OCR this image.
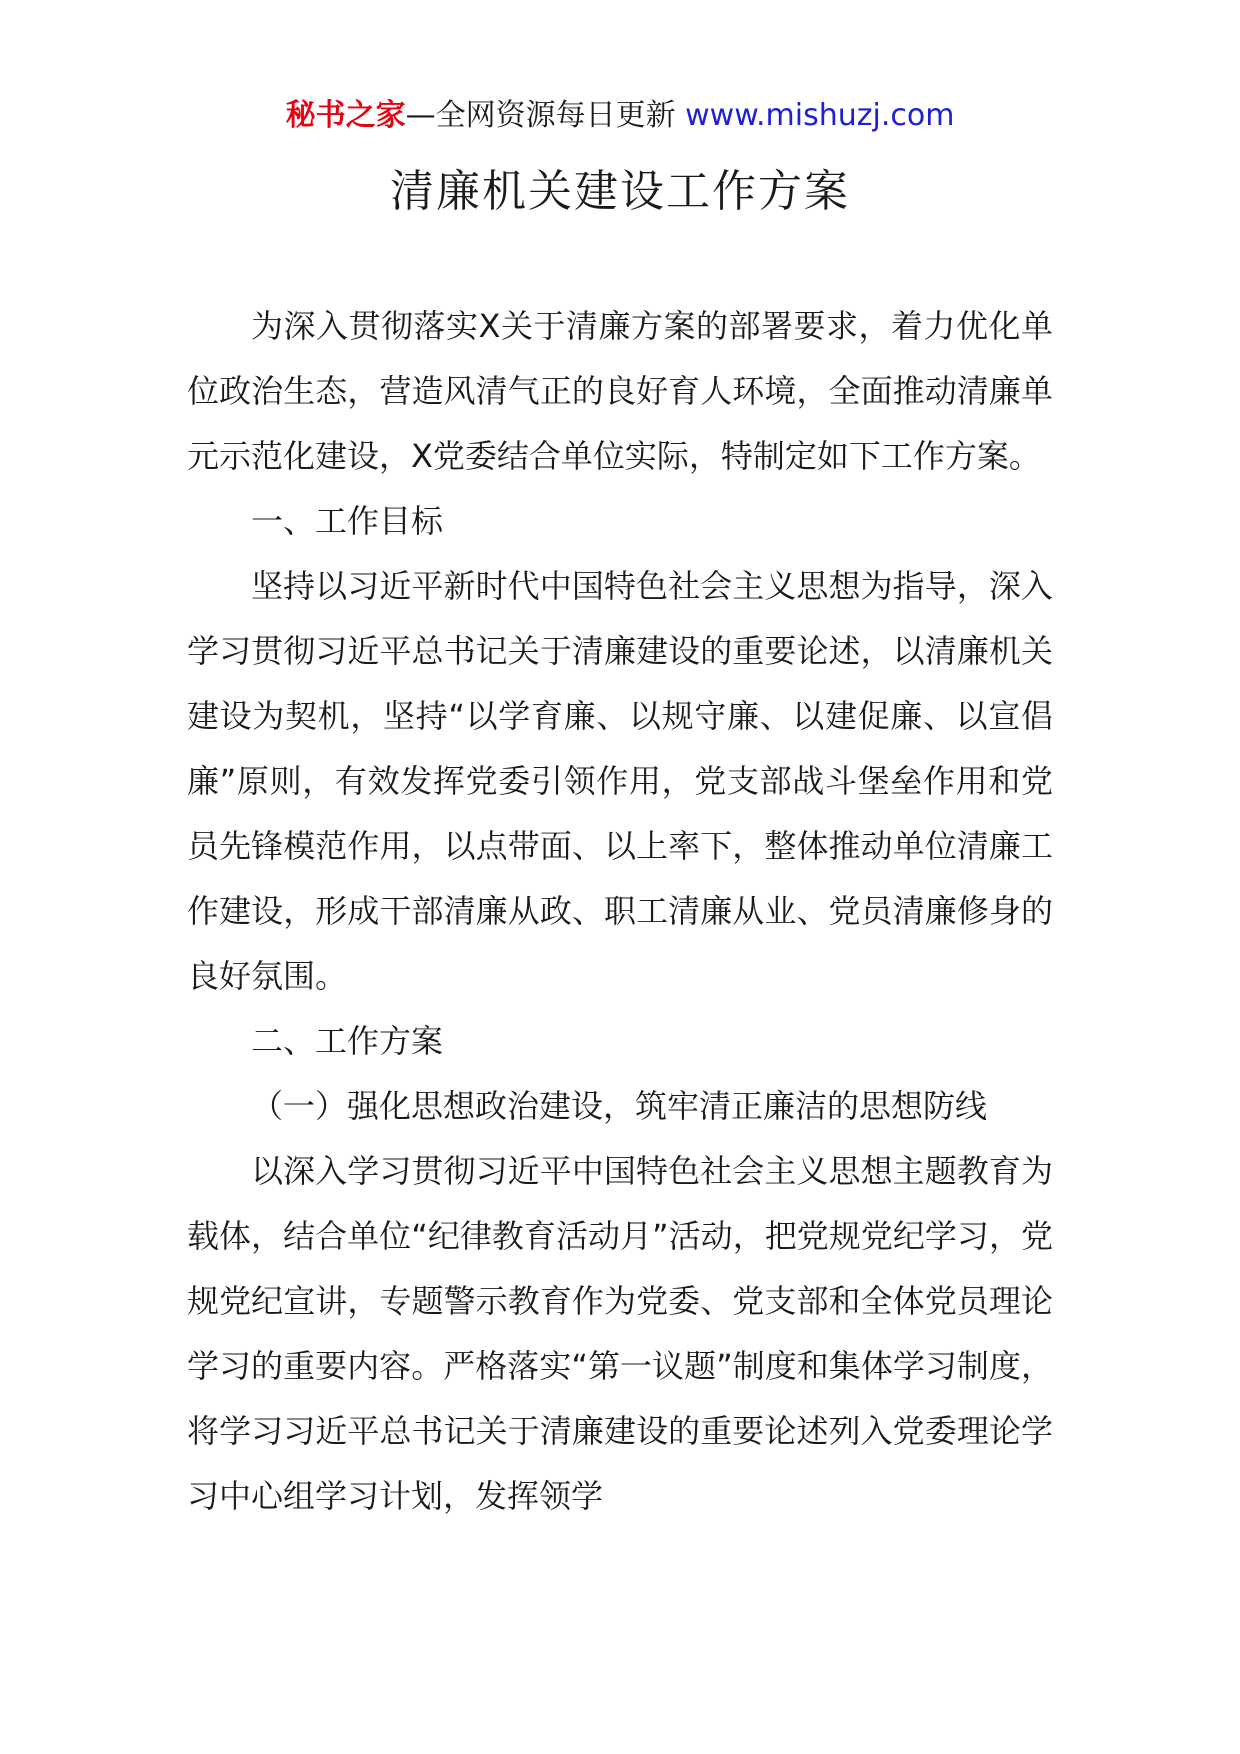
秘书之家—全网资源每日更新 www.mishuzj.com
清廉机关建设工作方案

为深入贯彻落实X关于清廉方案的部署要求，着力优化单位政治生态，营造风清气正的良好育人环境，全面推动清廉单元示范化建设，X党委结合单位实际，特制定如下工作方案。

一、工作目标

坚持以习近平新时代中国特色社会主义思想为指导，深入学习贯彻习近平总书记关于清廉建设的重要论述，以清廉机关建设为契机，坚持“以学育廉、以规守廉、以建促廉、以宣倡廉”原则，有效发挥党委引领作用，党支部战斗堡垒作用和党员先锋模范作用，以点带面、以上率下，整体推动单位清廉工作建设，形成干部清廉从政、职工清廉从业、党员清廉修身的良好氛围。

二、工作方案

（一）强化思想政治建设，筑牢清正廉洁的思想防线

以深入学习贯彻习近平中国特色社会主义思想主题教育为载体，结合单位“纪律教育活动月”活动，把党规党纪学习，党规党纪宣讲，专题警示教育作为党委、党支部和全体党员理论学习的重要内容。严格落实“第一议题”制度和集体学习制度，将学习习近平总书记关于清廉建设的重要论述列入党委理论学习中心组学习计划，发挥领学
